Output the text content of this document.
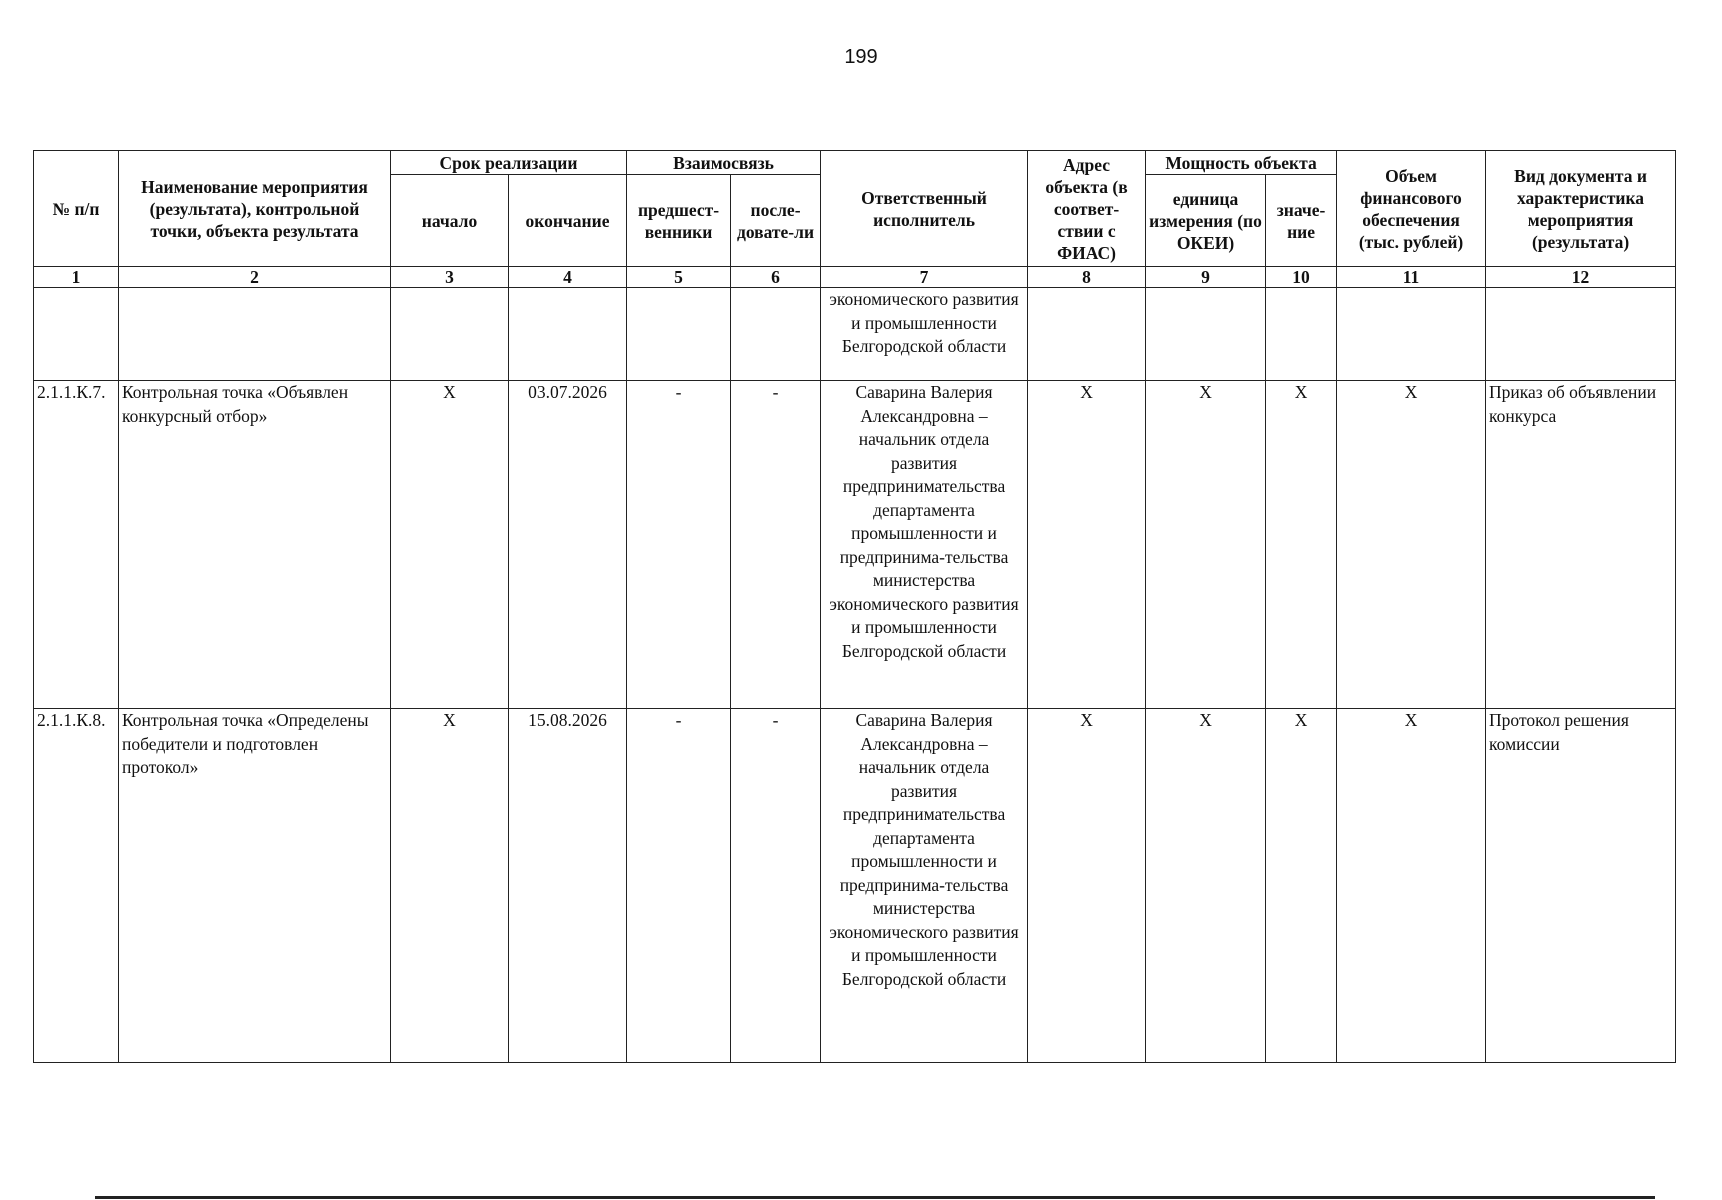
199
№ п/п	Наименование мероприятия (результата), контрольной точки, объекта результата	Срок реализации		Взаимосвязь		Ответственный исполнитель	Адрес объекта (в соответ-ствии с ФИАС)	Мощность объекта		Объем финансового обеспечения (тыс. рублей)	Вид документа и характеристика мероприятия (результата)
		начало	окончание	предшест-венники	после-довате-ли			единица измерения (по ОКЕИ)	значе-ние		
1	2	3	4	5	6	7	8	9	10	11	12
						экономического развития и промышленности Белгородской области					
2.1.1.К.7.	Контрольная точка «Объявлен конкурсный отбор»	X	03.07.2026	-	-	Саварина Валерия Александровна – начальник отдела развития предпринимательства департамента промышленности и предпринима-тельства министерства экономического развития и промышленности Белгородской области	X	X	X	X	Приказ об объявлении конкурса
2.1.1.К.8.	Контрольная точка «Определены победители и подготовлен протокол»	X	15.08.2026	-	-	Саварина Валерия Александровна – начальник отдела развития предпринимательства департамента промышленности и предпринима-тельства министерства экономического развития и промышленности Белгородской области	X	X	X	X	Протокол решения комиссии
